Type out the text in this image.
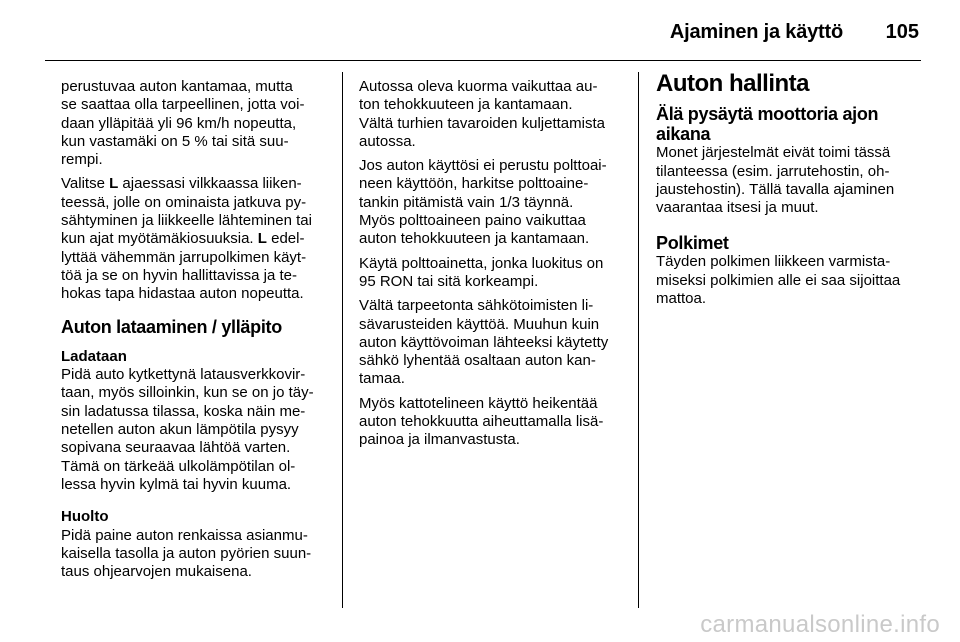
Ajaminen ja käyttö 105

perustuvaa auton kantamaa, mutta
se saattaa olla tarpeellinen, jotta voi-
daan ylläpitää yli 96 km/h nopeutta,
kun vastamäki on 5 % tai sitä suu-
rempi.

Valitse L ajaessasi vilkkaassa liiken-
teessä, jolle on ominaista jatkuva py-
sähtyminen ja liikkeelle lähteminen tai
kun ajat myötämäkiosuuksia. L edel-
lyttää vähemmän jarrupolkimen käyt-
töä ja se on hyvin hallittavissa ja te-
hokas tapa hidastaa auton nopeutta.

Auton lataaminen / ylläpito

Ladataan
Pidä auto kytkettynä latausverkkovir-
taan, myös silloinkin, kun se on jo täy-
sin ladatussa tilassa, koska näin me-
netellen auton akun lämpötila pysyy
sopivana seuraavaa lähtöä varten.
Tämä on tärkeää ulkolämpötilan ol-
lessa hyvin kylmä tai hyvin kuuma.

Huolto
Pidä paine auton renkaissa asianmu-
kaisella tasolla ja auton pyörien suun-
taus ohjearvojen mukaisena.

Autossa oleva kuorma vaikuttaa au-
ton tehokkuuteen ja kantamaan.
Vältä turhien tavaroiden kuljettamista
autossa.

Jos auton käyttösi ei perustu polttoai-
neen käyttöön, harkitse polttoaine-
tankin pitämistä vain 1/3 täynnä.
Myös polttoaineen paino vaikuttaa
auton tehokkuuteen ja kantamaan.

Käytä polttoainetta, jonka luokitus on
95 RON tai sitä korkeampi.

Vältä tarpeetonta sähkötoimisten li-
sävarusteiden käyttöä. Muuhun kuin
auton käyttövoiman lähteeksi käytetty
sähkö lyhentää osaltaan auton kan-
tamaa.

Myös kattotelineen käyttö heikentää
auton tehokkuutta aiheuttamalla lisä-
painoa ja ilmanvastusta.

Auton hallinta
Älä pysäytä moottoria ajon
aikana

Monet järjestelmät eivät toimi tässä
tilanteessa (esim. jarrutehostin, oh-
jaustehostin). Tällä tavalla ajaminen
vaarantaa itsesi ja muut.

Polkimet

Täyden polkimen liikkeen varmista-
miseksi polkimien alle ei saa sijoittaa
mattoa.

carmanualsonline.info
